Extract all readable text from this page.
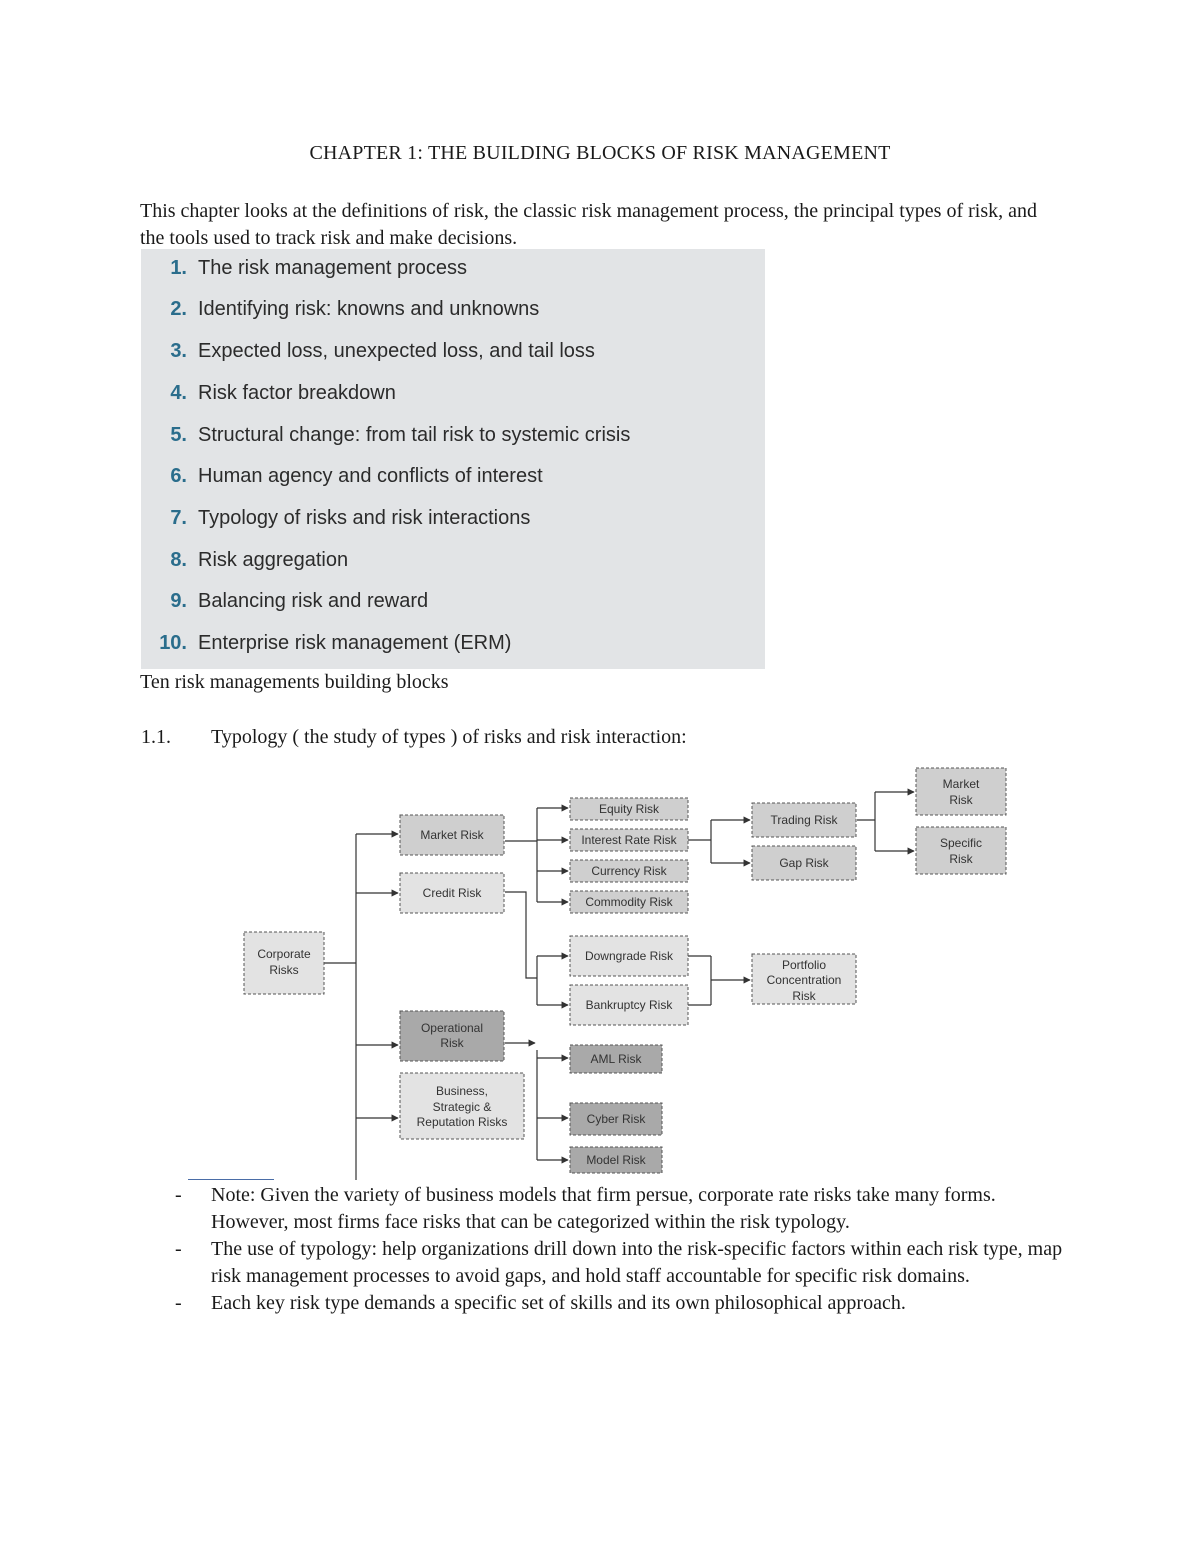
CHAPTER 1: THE BUILDING BLOCKS OF RISK MANAGEMENT
This chapter looks at the definitions of risk, the classic risk management process, the principal types of risk, and the tools used to track risk and make decisions.
1. The risk management process
2. Identifying risk: knowns and unknowns
3. Expected loss, unexpected loss, and tail loss
4. Risk factor breakdown
5. Structural change: from tail risk to systemic crisis
6. Human agency and conflicts of interest
7. Typology of risks and risk interactions
8. Risk aggregation
9. Balancing risk and reward
10. Enterprise risk management (ERM)
Ten risk managements building blocks
1.1. Typology ( the study of types ) of risks and risk interaction:
Corporate
Risks
Market Risk
Credit Risk
Operational
Risk
Business,
Strategic &
Reputation Risks
Equity Risk
Interest Rate Risk
Currency Risk
Commodity Risk
Trading Risk
Gap Risk
Market
Risk
Specific
Risk
Downgrade Risk
Bankruptcy Risk
Portfolio
Concentration
Risk
AML Risk
Cyber Risk
Model Risk
- Note: Given the variety of business models that firm persue, corporate rate risks take many forms. However, most firms face risks that can be categorized within the risk typology.
- The use of typology: help organizations drill down into the risk-specific factors within each risk type, map risk management processes to avoid gaps, and hold staff accountable for specific risk domains.
- Each key risk type demands a specific set of skills and its own philosophical approach.
